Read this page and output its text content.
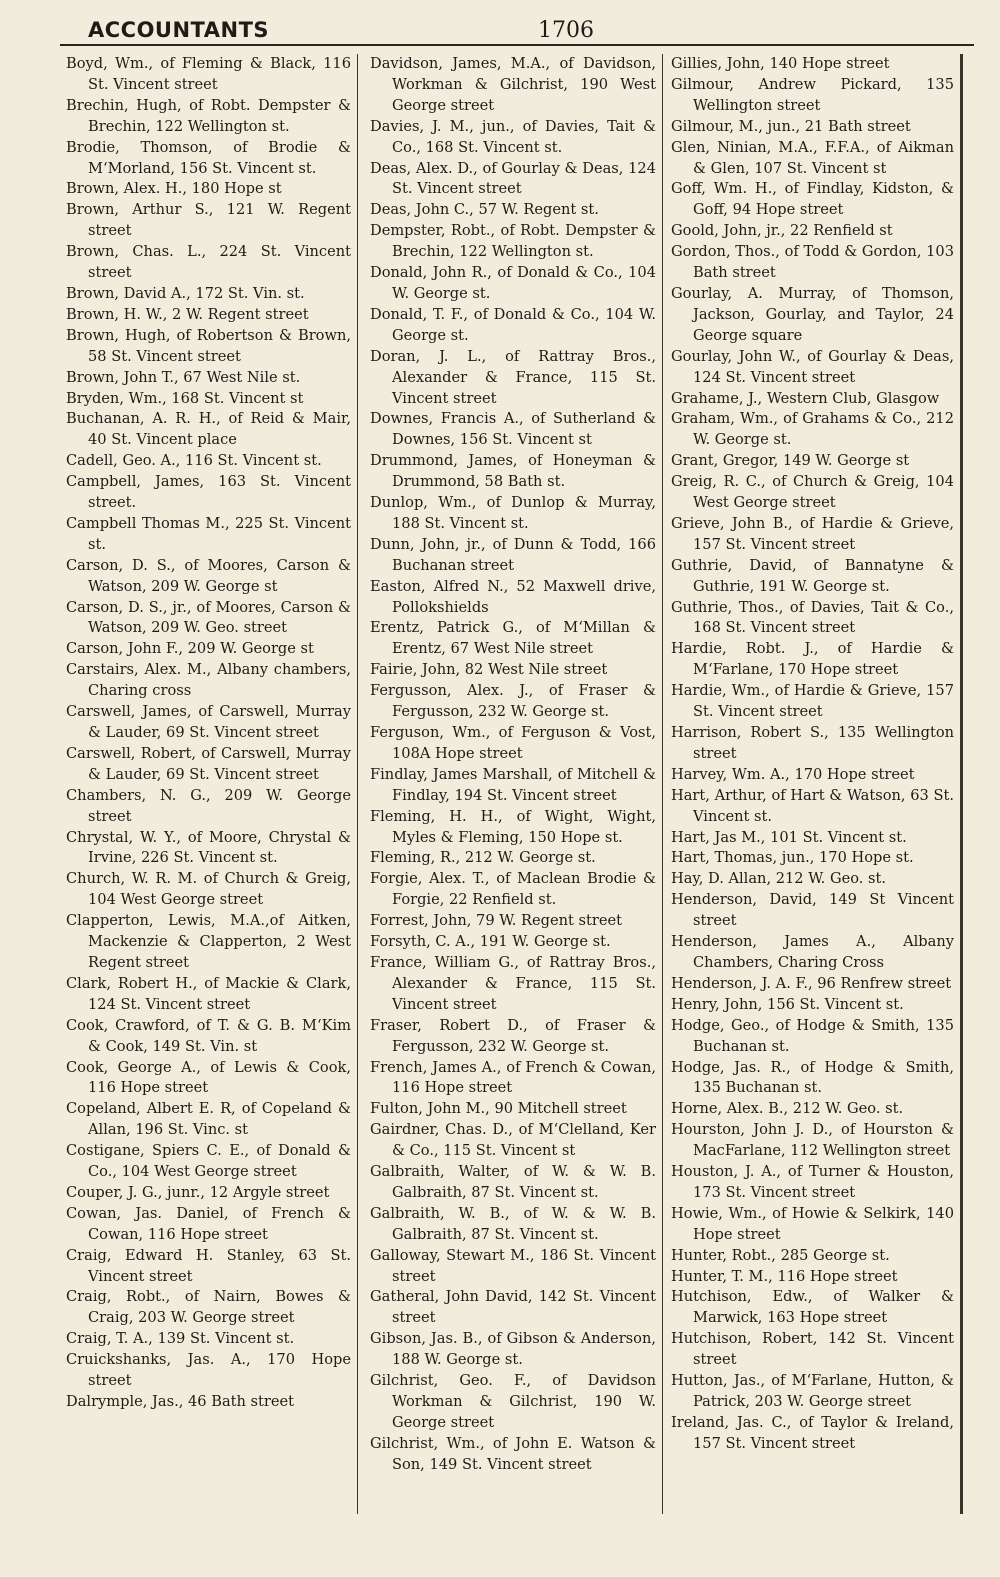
ACCOUNTANTS	1706

Boyd, Wm., of Fleming & Black, 116 St. Vincent street

Brechin, Hugh, of Robt. Dempster & Brechin, 122 Wellington st.

Brodie, Thomson, of Brodie & M‘Morland, 156 St. Vincent st.

Brown, Alex. H., 180 Hope st

Brown, Arthur S., 121 W. Regent street

Brown, Chas. L., 224 St. Vincent street

Brown, David A., 172 St. Vin. st.

Brown, H. W., 2 W. Regent street

Brown, Hugh, of Robertson & Brown, 58 St. Vincent street

Brown, John T., 67 West Nile st.

Bryden, Wm., 168 St. Vincent st

Buchanan, A. R. H., of Reid & Mair, 40 St. Vincent place

Cadell, Geo. A., 116 St. Vincent st.

Campbell, James, 163 St. Vincent street.

Campbell Thomas M., 225 St. Vincent st.

Carson, D. S., of Moores, Carson & Watson, 209 W. George st

Carson, D. S., jr., of Moores, Carson & Watson, 209 W. Geo. street

Carson, John F., 209 W. George st

Carstairs, Alex. M., Albany chambers, Charing cross

Carswell, James, of Carswell, Murray & Lauder, 69 St. Vincent street

Carswell, Robert, of Carswell, Murray & Lauder, 69 St. Vincent street

Chambers, N. G., 209 W. George street

Chrystal, W. Y., of Moore, Chrystal & Irvine, 226 St. Vincent st.

Church, W. R. M. of Church & Greig, 104 West George street

Clapperton, Lewis, M.A.,of Aitken, Mackenzie & Clapperton, 2 West Regent street

Clark, Robert H., of Mackie & Clark, 124 St. Vincent street

Cook, Crawford, of T. & G. B. M‘Kim & Cook, 149 St. Vin. st

Cook, George A., of Lewis & Cook, 116 Hope street

Copeland, Albert E. R, of Copeland & Allan, 196 St. Vinc. st

Costigane, Spiers C. E., of Donald & Co., 104 West George street

Couper, J. G., junr., 12 Argyle street

Cowan, Jas. Daniel, of French & Cowan, 116 Hope street

Craig, Edward H. Stanley, 63 St. Vincent street

Craig, Robt., of Nairn, Bowes & Craig, 203 W. George street

Craig, T. A., 139 St. Vincent st.

Cruickshanks, Jas. A., 170 Hope street

Dalrymple, Jas., 46 Bath street

Davidson, James, M.A., of Davidson, Workman & Gilchrist, 190 West George street

Davies, J. M., jun., of Davies, Tait & Co., 168 St. Vincent st.

Deas, Alex. D., of Gourlay & Deas, 124 St. Vincent street

Deas, John C., 57 W. Regent st.

Dempster, Robt., of Robt. Dempster & Brechin, 122 Wellington st.

Donald, John R., of Donald & Co., 104 W. George st.

Donald, T. F., of Donald & Co., 104 W. George st.

Doran, J. L., of Rattray Bros., Alexander & France, 115 St. Vincent street

Downes, Francis A., of Sutherland & Downes, 156 St. Vincent st

Drummond, James, of Honeyman & Drummond, 58 Bath st.

Dunlop, Wm., of Dunlop & Murray, 188 St. Vincent st.

Dunn, John, jr., of Dunn & Todd, 166 Buchanan street

Easton, Alfred N., 52 Maxwell drive, Pollokshields

Erentz, Patrick G., of M‘Millan & Erentz, 67 West Nile street

Fairie, John, 82 West Nile street

Fergusson, Alex. J., of Fraser & Fergusson, 232 W. George st.

Ferguson, Wm., of Ferguson & Vost, 108A Hope street

Findlay, James Marshall, of Mitchell & Findlay, 194 St. Vincent street

Fleming, H. H., of Wight, Wight, Myles & Fleming, 150 Hope st.

Fleming, R., 212 W. George st.

Forgie, Alex. T., of Maclean Brodie & Forgie, 22 Renfield st.

Forrest, John, 79 W. Regent street

Forsyth, C. A., 191 W. George st.

France, William G., of Rattray Bros., Alexander & France, 115 St. Vincent street

Fraser, Robert D., of Fraser & Fergusson, 232 W. George st.

French, James A., of French & Cowan, 116 Hope street

Fulton, John M., 90 Mitchell street

Gairdner, Chas. D., of M‘Clelland, Ker & Co., 115 St. Vincent st

Galbraith, Walter, of W. & W. B. Galbraith, 87 St. Vincent st.

Galbraith, W. B., of W. & W. B. Galbraith, 87 St. Vincent st.

Galloway, Stewart M., 186 St. Vincent street

Gatheral, John David, 142 St. Vincent street

Gibson, Jas. B., of Gibson & Anderson, 188 W. George st.

Gilchrist, Geo. F., of Davidson Workman & Gilchrist, 190 W. George street

Gilchrist, Wm., of John E. Watson & Son, 149 St. Vincent street

Gillies, John, 140 Hope street

Gilmour, Andrew Pickard, 135 Wellington street

Gilmour, M., jun., 21 Bath street

Glen, Ninian, M.A., F.F.A., of Aikman & Glen, 107 St. Vincent st

Goff, Wm. H., of Findlay, Kidston, & Goff, 94 Hope street

Goold, John, jr., 22 Renfield st

Gordon, Thos., of Todd & Gordon, 103 Bath street

Gourlay, A. Murray, of Thomson, Jackson, Gourlay, and Taylor, 24 George square

Gourlay, John W., of Gourlay & Deas, 124 St. Vincent street

Grahame, J., Western Club, Glasgow

Graham, Wm., of Grahams & Co., 212 W. George st.

Grant, Gregor, 149 W. George st

Greig, R. C., of Church & Greig, 104 West George street

Grieve, John B., of Hardie & Grieve, 157 St. Vincent street

Guthrie, David, of Bannatyne & Guthrie, 191 W. George st.

Guthrie, Thos., of Davies, Tait & Co., 168 St. Vincent street

Hardie, Robt. J., of Hardie & M‘Farlane, 170 Hope street

Hardie, Wm., of Hardie & Grieve, 157 St. Vincent street

Harrison, Robert S., 135 Wellington street

Harvey, Wm. A., 170 Hope street

Hart, Arthur, of Hart & Watson, 63 St. Vincent st.

Hart, Jas M., 101 St. Vincent st.

Hart, Thomas, jun., 170 Hope st.

Hay, D. Allan, 212 W. Geo. st.

Henderson, David, 149 St Vincent street

Henderson, James A., Albany Chambers, Charing Cross

Henderson, J. A. F., 96 Renfrew street

Henry, John, 156 St. Vincent st.

Hodge, Geo., of Hodge & Smith, 135 Buchanan st.

Hodge, Jas. R., of Hodge & Smith, 135 Buchanan st.

Horne, Alex. B., 212 W. Geo. st.

Hourston, John J. D., of Hourston & MacFarlane, 112 Wellington street

Houston, J. A., of Turner & Houston, 173 St. Vincent street

Howie, Wm., of Howie & Selkirk, 140 Hope street

Hunter, Robt., 285 George st.

Hunter, T. M., 116 Hope street

Hutchison, Edw., of Walker & Marwick, 163 Hope street

Hutchison, Robert, 142 St. Vincent street

Hutton, Jas., of M‘Farlane, Hutton, & Patrick, 203 W. George street

Ireland, Jas. C., of Taylor & Ireland, 157 St. Vincent street
